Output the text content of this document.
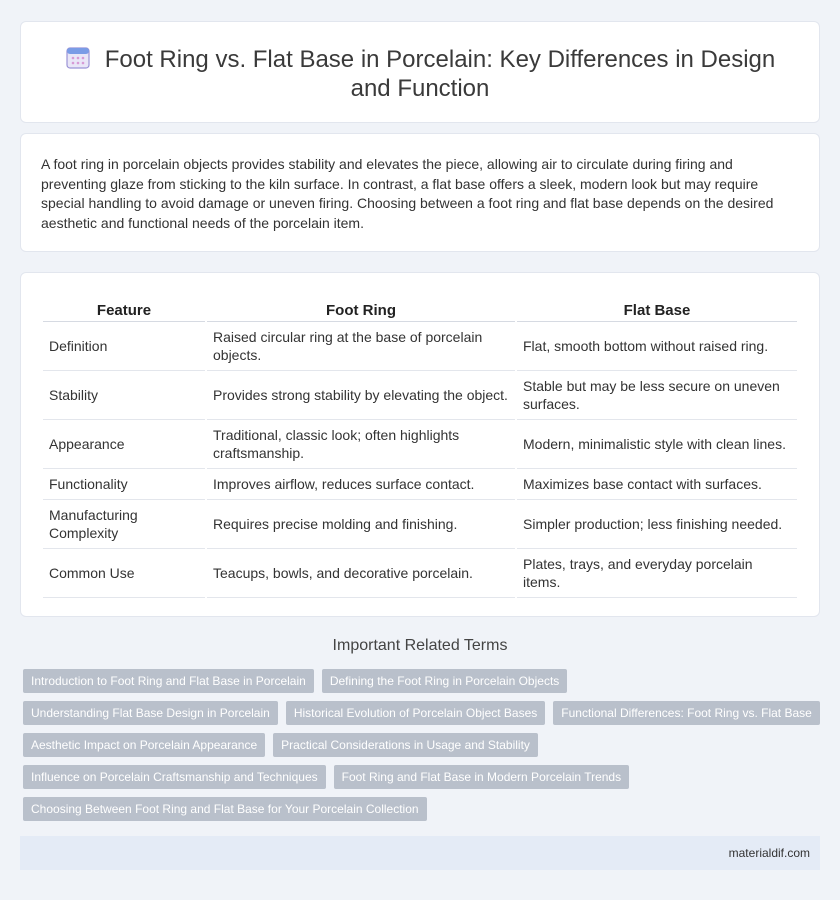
Foot Ring vs. Flat Base in Porcelain: Key Differences in Design and Function

A foot ring in porcelain objects provides stability and elevates the piece, allowing air to circulate during firing and preventing glaze from sticking to the kiln surface. In contrast, a flat base offers a sleek, modern look but may require special handling to avoid damage or uneven firing. Choosing between a foot ring and flat base depends on the desired aesthetic and functional needs of the porcelain item.

Feature	Foot Ring	Flat Base
Definition	Raised circular ring at the base of porcelain objects.	Flat, smooth bottom without raised ring.
Stability	Provides strong stability by elevating the object.	Stable but may be less secure on uneven surfaces.
Appearance	Traditional, classic look; often highlights craftsmanship.	Modern, minimalistic style with clean lines.
Functionality	Improves airflow, reduces surface contact.	Maximizes base contact with surfaces.
Manufacturing Complexity	Requires precise molding and finishing.	Simpler production; less finishing needed.
Common Use	Teacups, bowls, and decorative porcelain.	Plates, trays, and everyday porcelain items.
Important Related Terms
Introduction to Foot Ring and Flat Base in Porcelain	Defining the Foot Ring in Porcelain Objects
Understanding Flat Base Design in Porcelain	Historical Evolution of Porcelain Object Bases	Functional Differences: Foot Ring vs. Flat Base
Aesthetic Impact on Porcelain Appearance	Practical Considerations in Usage and Stability
Influence on Porcelain Craftsmanship and Techniques	Foot Ring and Flat Base in Modern Porcelain Trends
Choosing Between Foot Ring and Flat Base for Your Porcelain Collection
materialdif.com
